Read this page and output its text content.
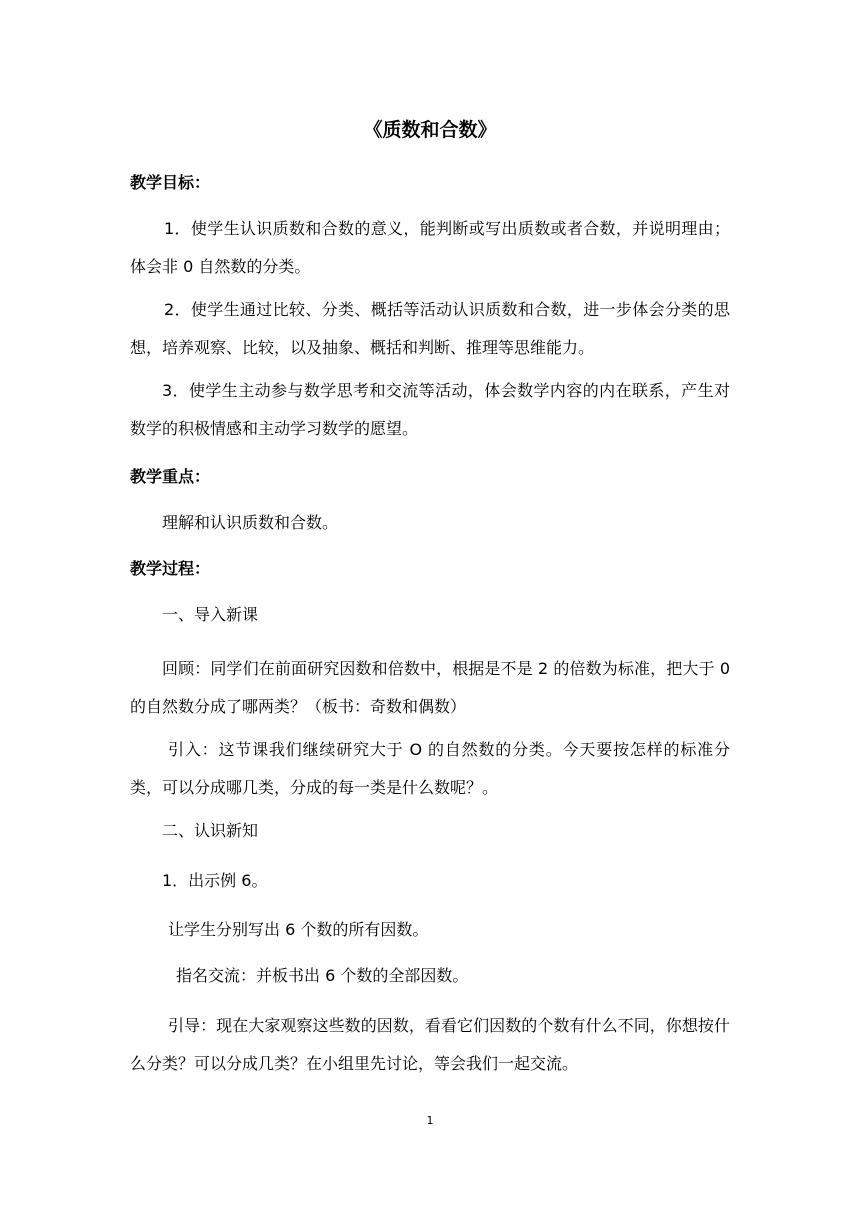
《质数和合数》
教学目标：
1．使学生认识质数和合数的意义，能判断或写出质数或者合数，并说明理由；体会非 0 自然数的分类。
2．使学生通过比较、分类、概括等活动认识质数和合数，进一步体会分类的思想，培养观察、比较，以及抽象、概括和判断、推理等思维能力。
3．使学生主动参与数学思考和交流等活动，体会数学内容的内在联系，产生对数学的积极情感和主动学习数学的愿望。
教学重点：
理解和认识质数和合数。
教学过程：
一、导入新课
回顾：同学们在前面研究因数和倍数中，根据是不是 2 的倍数为标准，把大于 0 的自然数分成了哪两类？（板书：奇数和偶数）
引入：这节课我们继续研究大于 O 的自然数的分类。今天要按怎样的标准分类，可以分成哪几类，分成的每一类是什么数呢？。
二、认识新知
1．出示例 6。
让学生分别写出 6 个数的所有因数。
指名交流：并板书出 6 个数的全部因数。
引导：现在大家观察这些数的因数，看看它们因数的个数有什么不同，你想按什么分类？可以分成几类？在小组里先讨论，等会我们一起交流。
1
